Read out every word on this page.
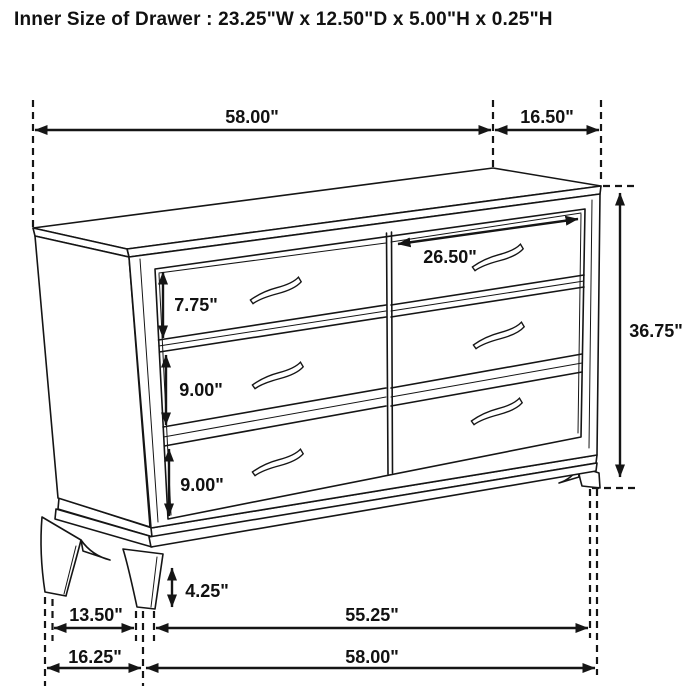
Inner Size of Drawer : 23.25"W x 12.50"D x 5.00"H x 0.25"H
58.00"	16.50"
26.50"
7.75"
9.00"
9.00"
36.75"
4.25"
13.50"	55.25"
16.25"	58.00"
